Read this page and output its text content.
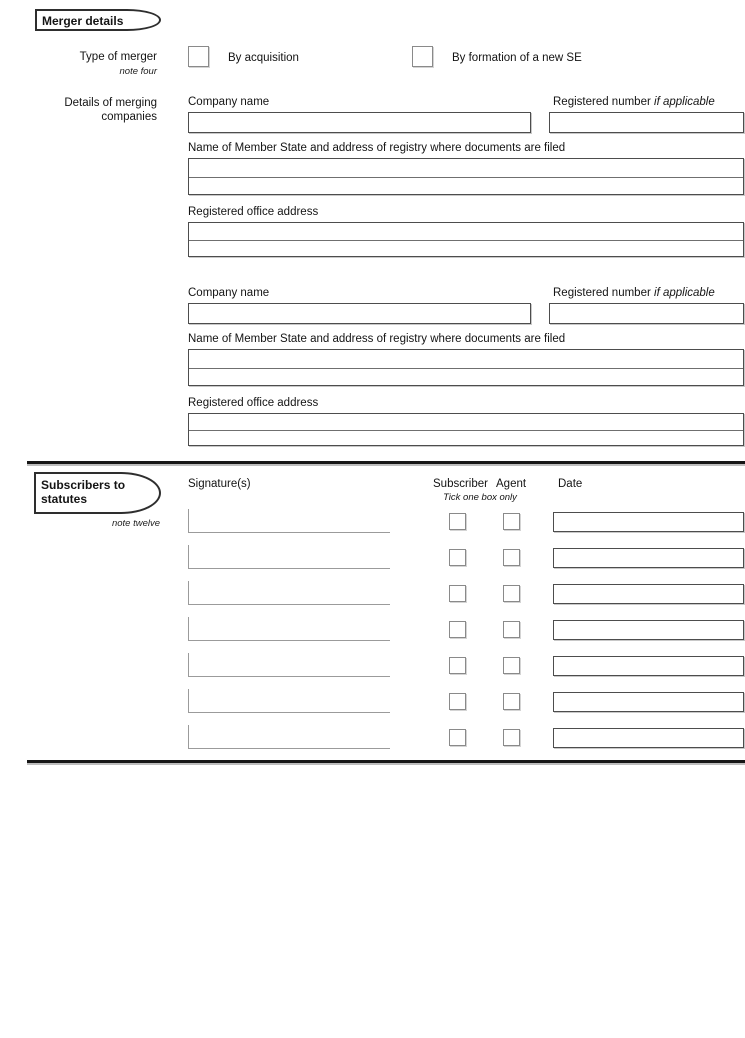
Merger details
Type of merger
note four
By acquisition	By formation of a new SE
Details of merging
companies
Company name	Registered number if applicable
Name of Member State and address of registry where documents are filed
Registered office address
Company name	Registered number if applicable
Name of Member State and address of registry where documents are filed
Registered office address
Subscribers to
statutes
note twelve
Signature(s)	Subscriber Agent	Date
Tick one box only
